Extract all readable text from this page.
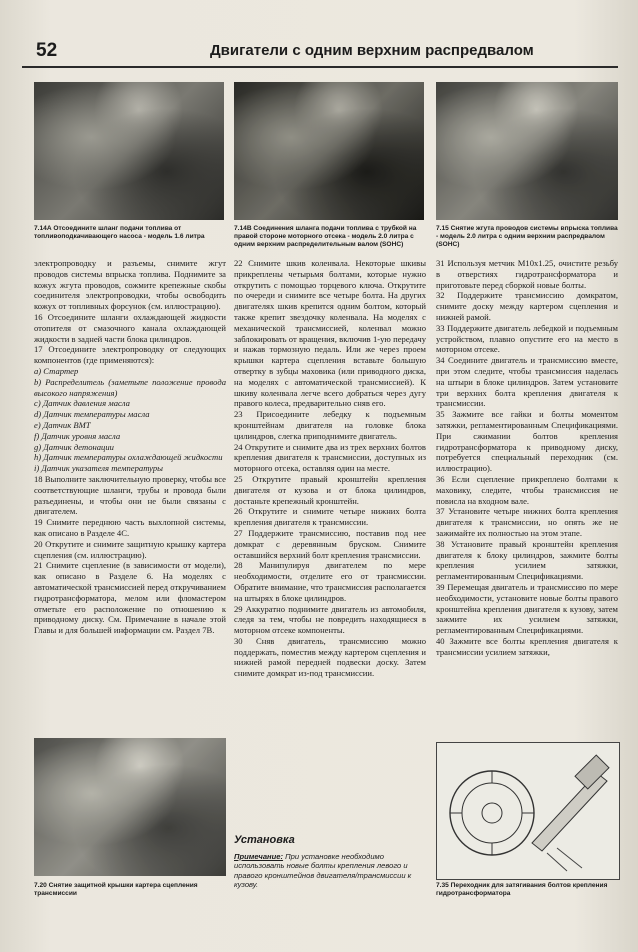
52	Двигатели с одним верхним распредвалом
7.14А Отсоедините шланг подачи топлива от топливоподкачивающего насоса - модель 1.6 литра
7.14В Соединения шланга подачи топлива с трубкой на правой стороне моторного отсека - модель 2.0 литра с одним верхним распределительным валом (SOHC)
7.15 Снятие жгута проводов системы впрыска топлива - модель 2.0 литра с одним верхним распредвалом (SOHC)

электропроводку и разъемы, снимите жгут проводов системы впрыска топлива. Поднимите за кожух жгута проводов, сожмите крепежные скобы соединителя электропроводки, чтобы освободить кожух от топливных форсунок (см. иллюстрацию).

16 Отсоедините шланги охлаждающей жидкости отопителя от смазочного канала охлаждающей жидкости в задней части блока цилиндров.

17 Отсоедините электропроводку от следующих компонентов (где применяются):

a) Стартер

b) Распределитель (заметьте положение провода высокого напряжения)

c) Датчик давления масла

d) Датчик температуры масла

e) Датчик ВМТ

f) Датчик уровня масла

g) Датчик детонации

h) Датчик температуры охлаждающей жидкости

i) Датчик указателя температуры

18 Выполните заключительную проверку, чтобы все соответствующие шланги, трубы и провода были разъединены, и чтобы они не были связаны с двигателем.

19 Снимите переднюю часть выхлопной системы, как описано в Разделе 4С.

20 Открутите и снимите защитную крышку картера сцепления (см. иллюстрацию).

21 Снимите сцепление (в зависимости от модели), как описано в Разделе 6. На моделях с автоматической трансмиссией перед откручиванием гидротрансформатора, мелом или фломастером отметьте его расположение по отношению к приводному диску. См. Примечание в начале этой Главы и для большей информации см. Раздел 7В.

7.20 Снятие защитной крышки картера сцепления трансмиссии

22 Снимите шкив коленвала. Некоторые шкивы прикреплены четырьмя болтами, которые нужно открутить с помощью торцевого ключа. Открутите по очереди и снимите все четыре болта. На других двигателях шкив крепится одним болтом, который также крепит звездочку коленвала. На моделях с механической трансмиссией, коленвал можно заблокировать от вращения, включив 1-ую передачу и нажав тормозную педаль. Или же через проем крышки картера сцепления вставьте большую отвертку в зубцы маховика (или приводного диска, на моделях с автоматической трансмиссией). К шкиву коленвала легче всего добраться через дугу правого колеса, предварительно сняв его.

23 Присоедините лебедку к подъемным кронштейнам двигателя на головке блока цилиндров, слегка приподнимите двигатель.

24 Открутите и снимите два из трех верхних болтов крепления двигателя к трансмиссии, доступных из моторного отсека, оставляя один на месте.

25 Открутите правый кронштейн крепления двигателя от кузова и от блока цилиндров, достаньте крепежный кронштейн.

26 Открутите и снимите четыре нижних болта крепления двигателя к трансмиссии.

27 Поддержите трансмиссию, поставив под нее домкрат с деревянным бруском. Снимите оставшийся верхний болт крепления трансмиссии.

28 Манипулируя двигателем по мере необходимости, отделите его от трансмиссии. Обратите внимание, что трансмиссия располагается на штырях в блоке цилиндров.

29 Аккуратно поднимите двигатель из автомобиля, следя за тем, чтобы не повредить находящиеся в моторном отсеке компоненты.

30 Сняв двигатель, трансмиссию можно поддержать, поместив между картером сцепления и нижней рамой передней подвески доску. Затем снимите домкрат из-под трансмиссии.

Установка
Примечание: При установке необходимо использовать новые болты крепления левого и правого кронштейнов двигателя/трансмиссии к кузову.

31 Используя метчик M10x1.25, очистите резьбу в отверстиях гидротрансформатора и приготовьте перед сборкой новые болты.

32 Поддержите трансмиссию домкратом, снимите доску между картером сцепления и нижней рамой.

33 Поддержите двигатель лебедкой и подъемным устройством, плавно опустите его на место в моторном отсеке.

34 Соедините двигатель и трансмиссию вместе, при этом следите, чтобы трансмиссия наделась на штыри в блоке цилиндров. Затем установите три верхних болта крепления двигателя к трансмиссии.

35 Зажмите все гайки и болты моментом затяжки, регламентированным Спецификациями. При сжимании болтов крепления гидротрансформатора к приводному диску, потребуется специальный переходник (см. иллюстрацию).

36 Если сцепление прикреплено болтами к маховику, следите, чтобы трансмиссия не повисла на входном вале.

37 Установите четыре нижних болта крепления двигателя к трансмиссии, но опять же не зажимайте их полностью на этом этапе.

38 Установите правый кронштейн крепления двигателя к блоку цилиндров, зажмите болты крепления усилием затяжки, регламентированным Спецификациями.

39 Перемещая двигатель и трансмиссию по мере необходимости, установите новые болты правого кронштейна крепления двигателя к кузову, затем зажмите их усилием затяжки, регламентированным Спецификациями.

40 Зажмите все болты крепления двигателя к трансмиссии усилием затяжки,

7.35 Переходник для затягивания болтов крепления гидротрансформатора
